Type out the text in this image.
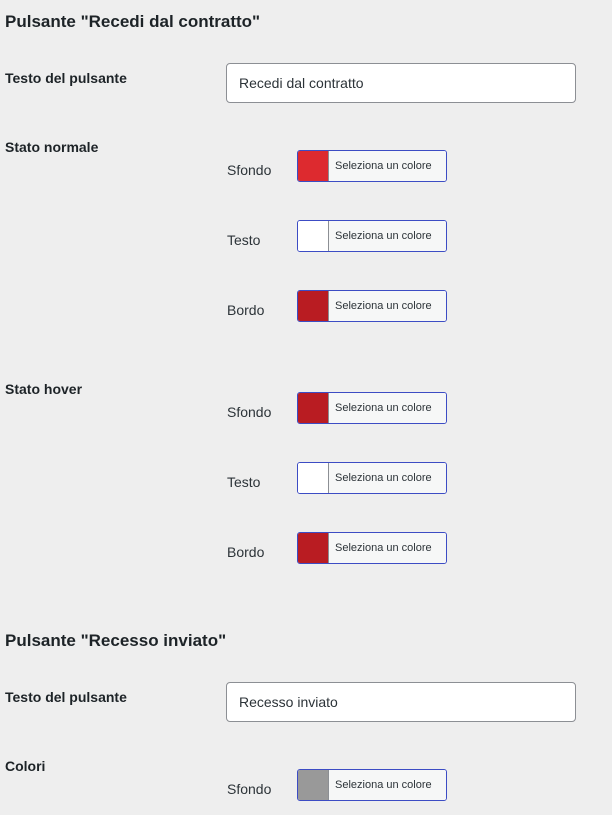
Pulsante "Recedi dal contratto"
Testo del pulsante
Recedi dal contratto
Stato normale
Sfondo	Seleziona un colore
Testo	Seleziona un colore
Bordo	Seleziona un colore
Stato hover
Sfondo	Seleziona un colore
Testo	Seleziona un colore
Bordo	Seleziona un colore
Pulsante "Recesso inviato"
Testo del pulsante
Recesso inviato
Colori
Sfondo	Seleziona un colore
